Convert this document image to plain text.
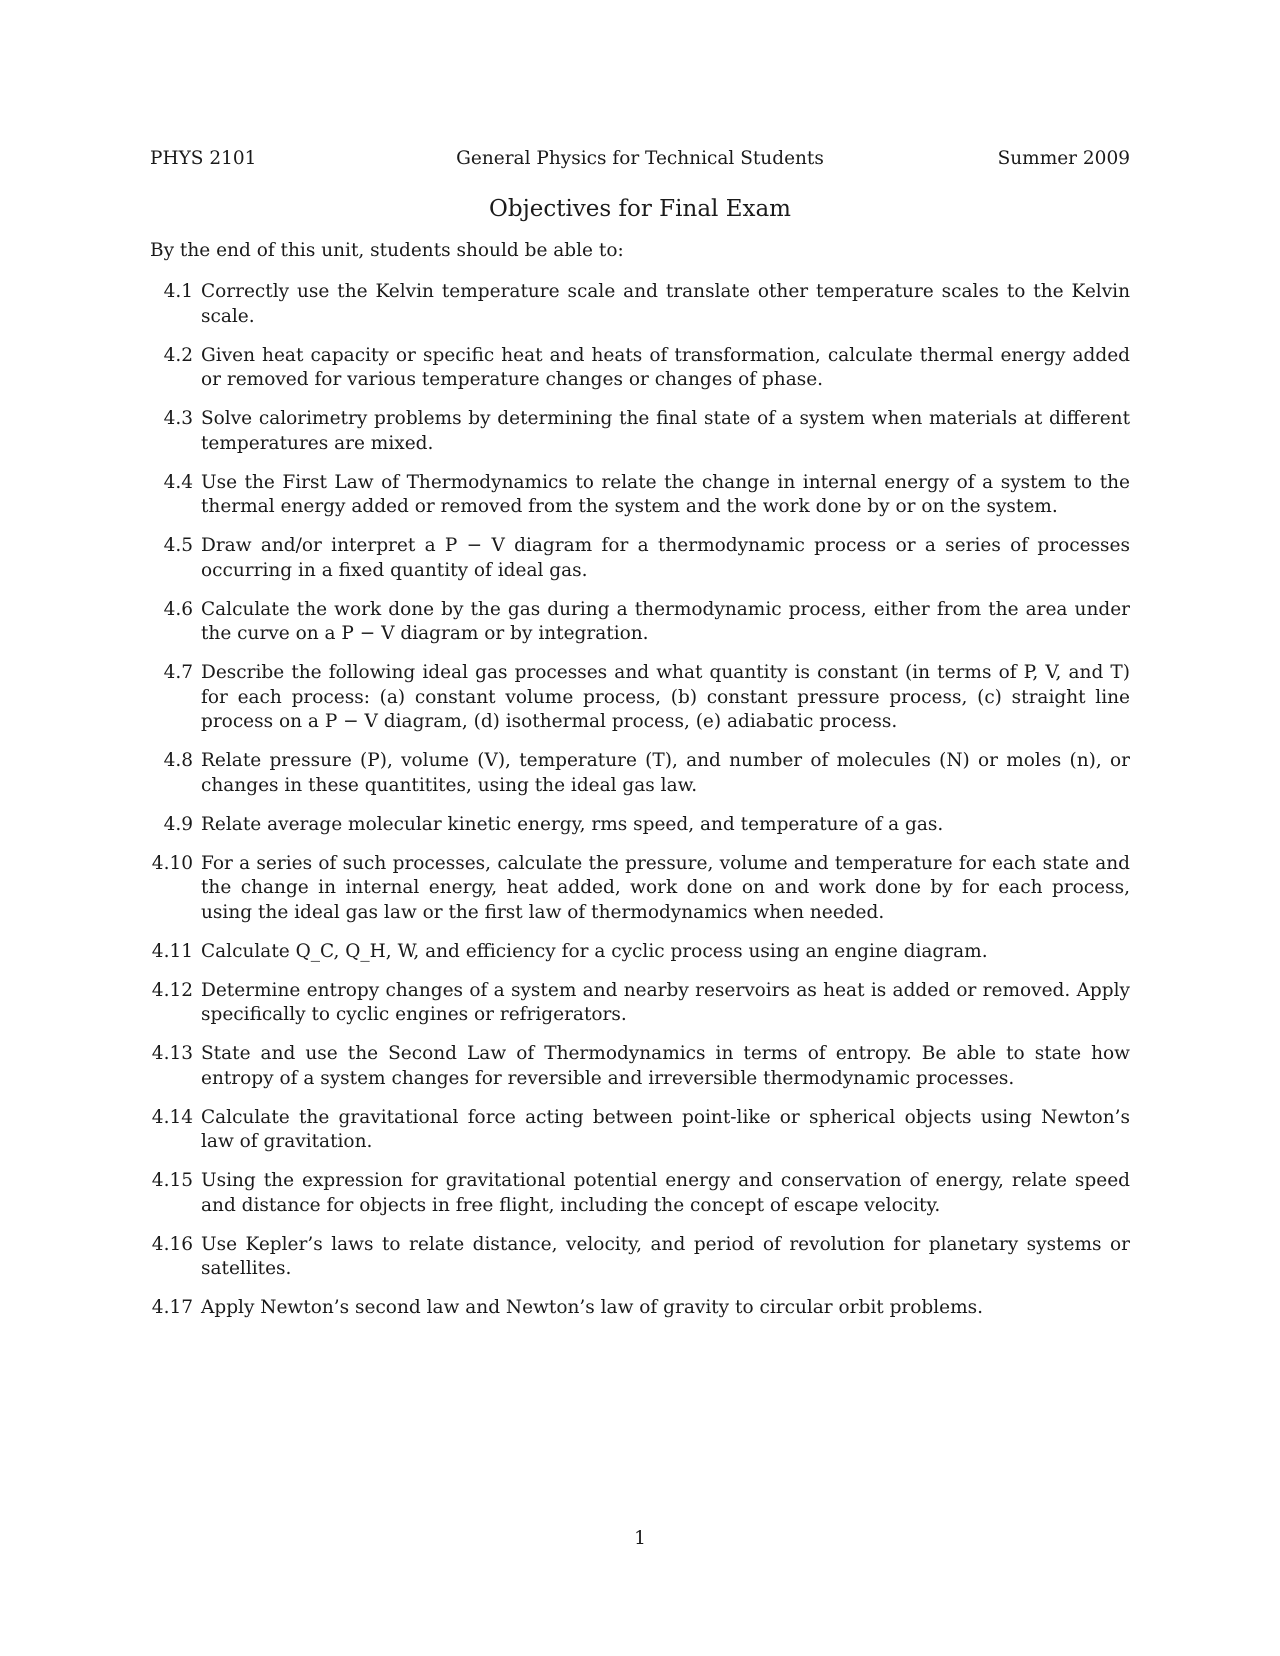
PHYS 2101	General Physics for Technical Students	Summer 2009
Objectives for Final Exam
By the end of this unit, students should be able to:
4.1 Correctly use the Kelvin temperature scale and translate other temperature scales to the Kelvin scale.
4.2 Given heat capacity or specific heat and heats of transformation, calculate thermal energy added or removed for various temperature changes or changes of phase.
4.3 Solve calorimetry problems by determining the final state of a system when materials at different temperatures are mixed.
4.4 Use the First Law of Thermodynamics to relate the change in internal energy of a system to the thermal energy added or removed from the system and the work done by or on the system.
4.5 Draw and/or interpret a P − V diagram for a thermodynamic process or a series of processes occurring in a fixed quantity of ideal gas.
4.6 Calculate the work done by the gas during a thermodynamic process, either from the area under the curve on a P − V diagram or by integration.
4.7 Describe the following ideal gas processes and what quantity is constant (in terms of P, V, and T) for each process: (a) constant volume process, (b) constant pressure process, (c) straight line process on a P − V diagram, (d) isothermal process, (e) adiabatic process.
4.8 Relate pressure (P), volume (V), temperature (T), and number of molecules (N) or moles (n), or changes in these quantitites, using the ideal gas law.
4.9 Relate average molecular kinetic energy, rms speed, and temperature of a gas.
4.10 For a series of such processes, calculate the pressure, volume and temperature for each state and the change in internal energy, heat added, work done on and work done by for each process, using the ideal gas law or the first law of thermodynamics when needed.
4.11 Calculate Q_C, Q_H, W, and efficiency for a cyclic process using an engine diagram.
4.12 Determine entropy changes of a system and nearby reservoirs as heat is added or removed. Apply specifically to cyclic engines or refrigerators.
4.13 State and use the Second Law of Thermodynamics in terms of entropy. Be able to state how entropy of a system changes for reversible and irreversible thermodynamic processes.
4.14 Calculate the gravitational force acting between point-like or spherical objects using Newton’s law of gravitation.
4.15 Using the expression for gravitational potential energy and conservation of energy, relate speed and distance for objects in free flight, including the concept of escape velocity.
4.16 Use Kepler’s laws to relate distance, velocity, and period of revolution for planetary systems or satellites.
4.17 Apply Newton’s second law and Newton’s law of gravity to circular orbit problems.
1
